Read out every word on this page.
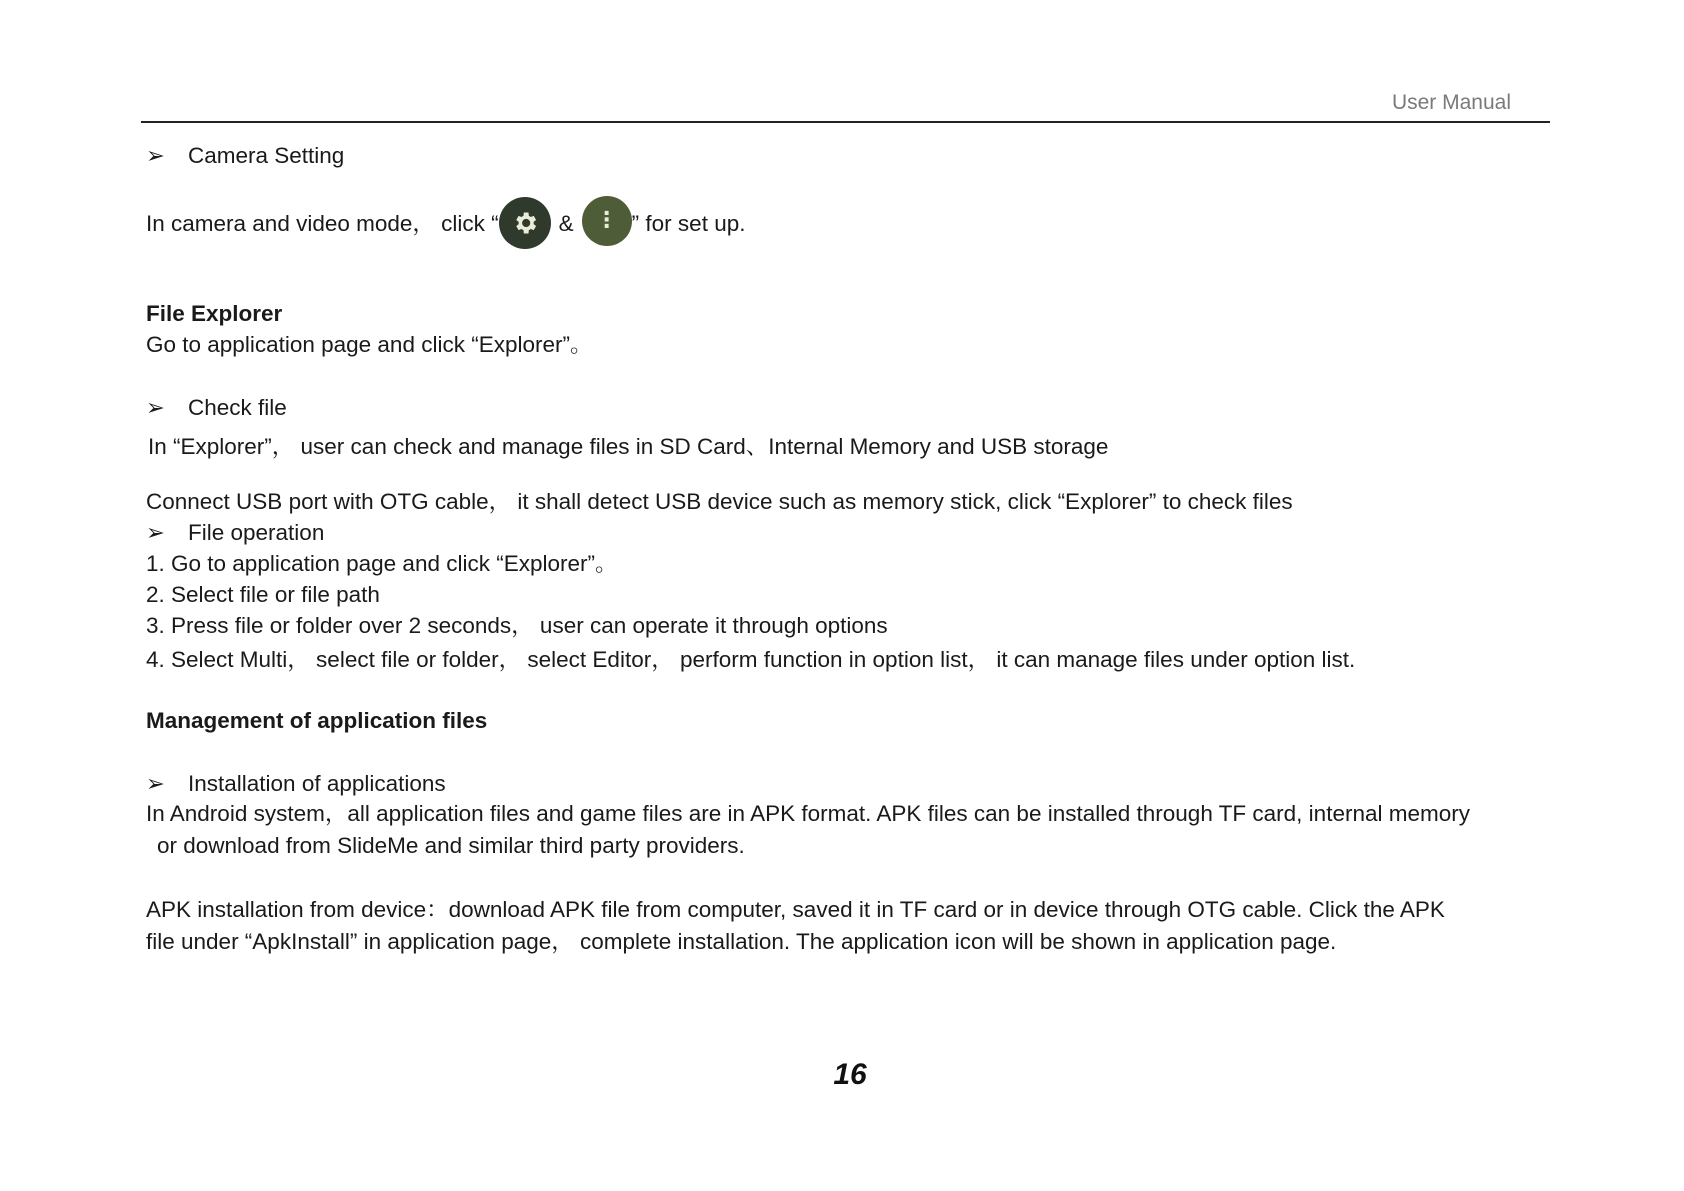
User Manual
➢ Camera Setting
In camera and video mode， click “	& ⋮ ” for set up.
File Explorer
Go to application page and click “Explorer”。
➢ Check file
In “Explorer”， user can check and manage files in SD Card、Internal Memory and USB storage
Connect USB port with OTG cable， it shall detect USB device such as memory stick, click “Explorer” to check files
➢ File operation
1. Go to application page and click “Explorer”。
2. Select file or file path
3. Press file or folder over 2 seconds， user can operate it through options
4. Select Multi， select file or folder， select Editor， perform function in option list， it can manage files under option list.
Management of application files
➢ Installation of applications
In Android system，all application files and game files are in APK format. APK files can be installed through TF card, internal memory
or download from SlideMe and similar third party providers.
APK installation from device：download APK file from computer, saved it in TF card or in device through OTG cable. Click the APK
file under “ApkInstall” in application page， complete installation. The application icon will be shown in application page.
16
